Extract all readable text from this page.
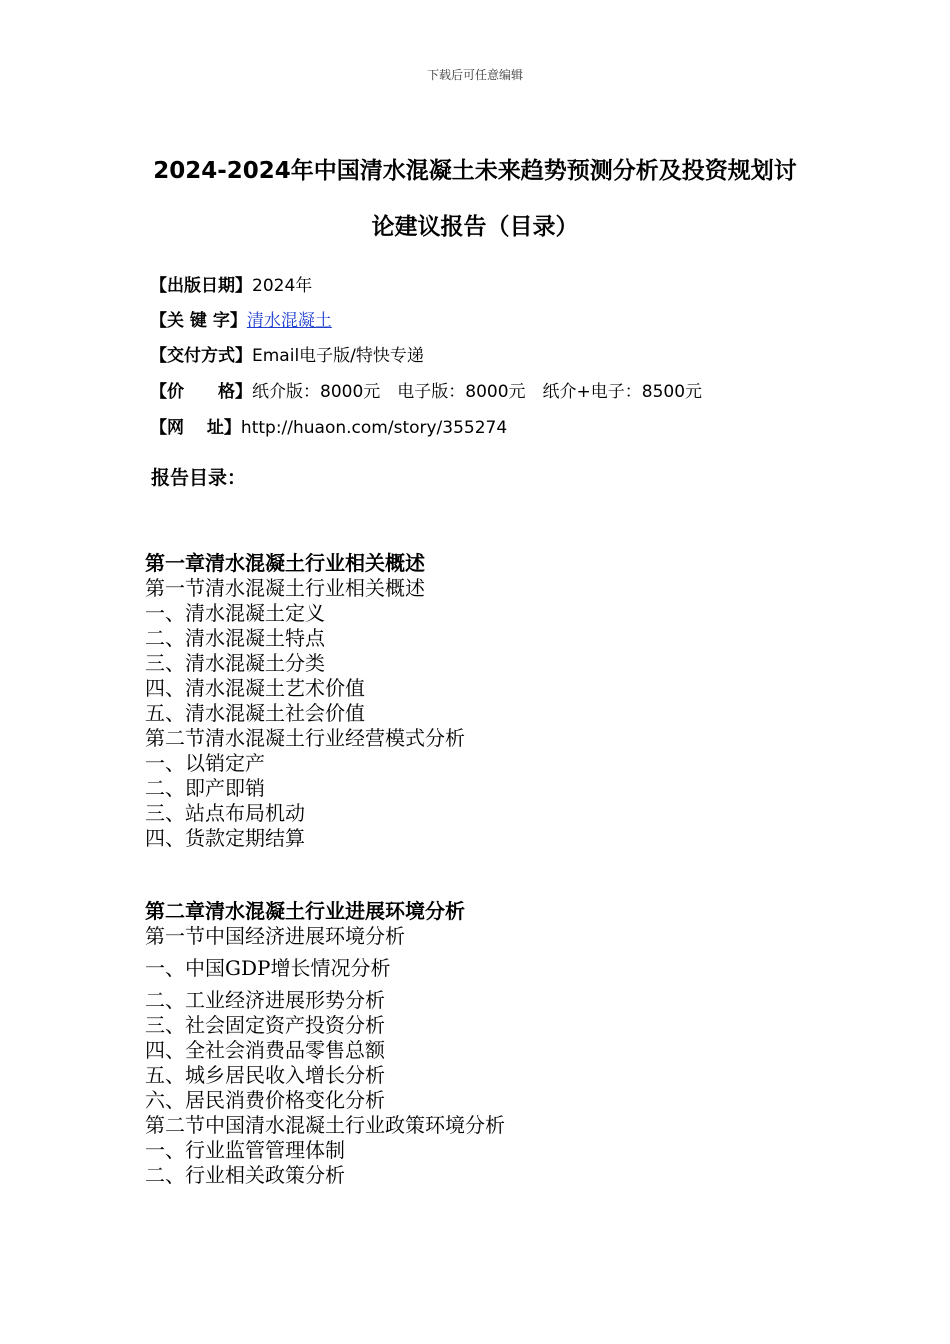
下载后可任意编辑
2024-2024年中国清水混凝土未来趋势预测分析及投资规划讨
论建议报告（目录）
【出版日期】2024年
【关 键 字】清水混凝土
【交付方式】Email电子版/特快专递
【价　　格】纸介版：8000元　电子版：8000元　纸介+电子：8500元
【网　 址】http://huaon.com/story/355274
报告目录：
第一章清水混凝土行业相关概述
第一节清水混凝土行业相关概述
一、清水混凝土定义
二、清水混凝土特点
三、清水混凝土分类
四、清水混凝土艺术价值
五、清水混凝土社会价值
第二节清水混凝土行业经营模式分析
一、以销定产
二、即产即销
三、站点布局机动
四、货款定期结算
第二章清水混凝土行业进展环境分析
第一节中国经济进展环境分析
一、中国GDP增长情况分析
二、工业经济进展形势分析
三、社会固定资产投资分析
四、全社会消费品零售总额
五、城乡居民收入增长分析
六、居民消费价格变化分析
第二节中国清水混凝土行业政策环境分析
一、行业监管管理体制
二、行业相关政策分析
